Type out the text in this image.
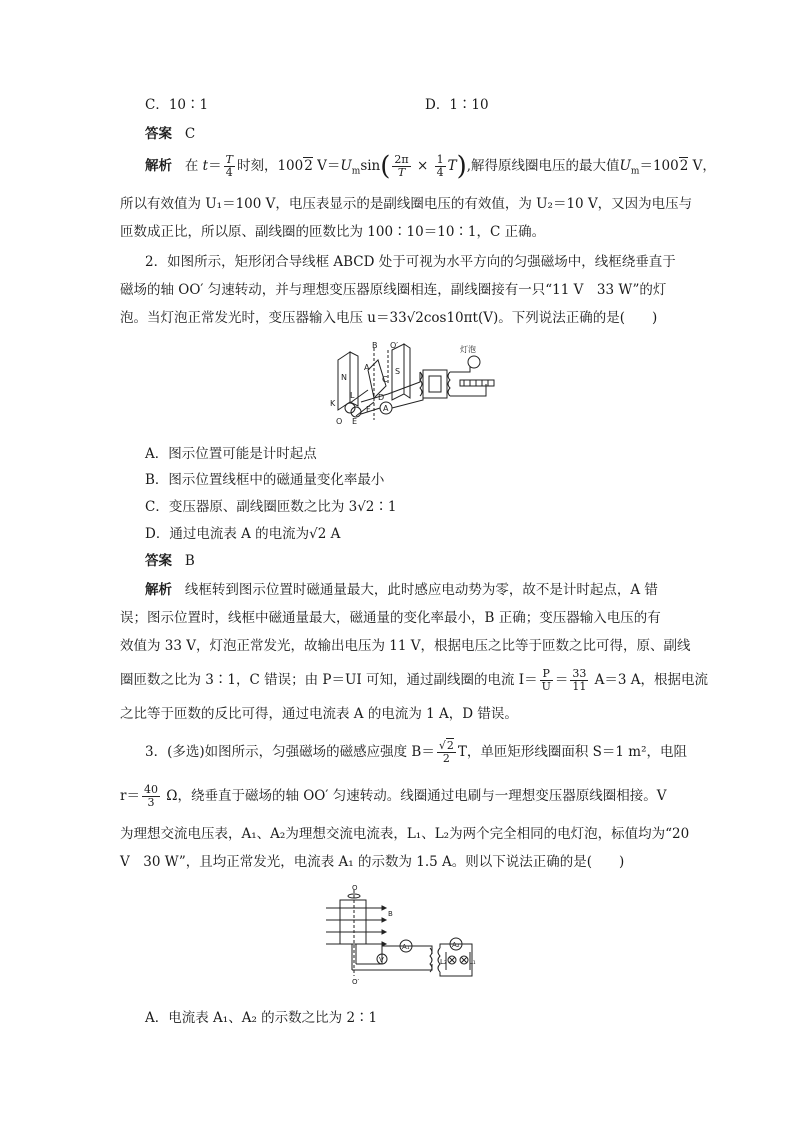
C．10∶1	D．1∶10
答案 C
解析 在 $t= \frac{T}{4}$ 时刻，1002 $V=U_m\sin( \frac{2\pi}{T} \times \frac{1}{4} T)$,解得原线圈电压的最大值$U_m=1002$ V，
所以有效值为 U₁＝100 V，电压表显示的是副线圈电压的有效值，为 U₂＝10 V，又因为电压与
匝数成正比，所以原、副线圈的匝数比为 100∶10＝10∶1，C 正确。
2．如图所示，矩形闭合导线框 ABCD 处于可视为水平方向的匀强磁场中，线框绕垂直于
磁场的轴 OO′ 匀速转动，并与理想变压器原线圈相连，副线圈接有一只“11 V　33 W”的灯
泡。当灯泡正常发光时，变压器输入电压 u＝33√2cos10πt(V)。下列说法正确的是(　　)
N
S
A
B
C
D
O′
O
K
L
F
E
A
灯泡
A．图示位置可能是计时起点
B．图示位置线框中的磁通量变化率最小
C．变压器原、副线圈匝数之比为 3√2∶1
D．通过电流表 A 的电流为√2 A
答案 B
解析 线框转到图示位置时磁通量最大，此时感应电动势为零，故不是计时起点，A 错
误；图示位置时，线框中磁通量最大，磁通量的变化率最小，B 正确；变压器输入电压的有
效值为 33 V，灯泡正常发光，故输出电压为 11 V，根据电压之比等于匝数之比可得，原、副线
圈匝数之比为 3∶1，C 错误；由 P＝UI 可知，通过副线圈的电流 $I= \frac{P}{U} = \frac{33}{11} A=3$ A，根据电流
之比等于匝数的反比可得，通过电流表 A 的电流为 1 A，D 错误。
3．(多选)如图所示，匀强磁场的磁感应强度 $B= \frac{√2}{2}$ T，单匝矩形线圈面积 S＝1 m²，电阻
$r= \frac{40}{3}$ Ω，绕垂直于磁场的轴 OO′ 匀速转动。线圈通过电刷与一理想变压器原线圈相接。V
为理想交流电压表，A₁、A₂为理想交流电流表，L₁、L₂为两个完全相同的电灯泡，标值均为“20
V　30 W”，且均正常发光，电流表 A₁ 的示数为 1.5 A。则以下说法正确的是(　　)
O
O′
B
V
A₁	A₂
L₂	L₁
A．电流表 A₁、A₂ 的示数之比为 2∶1
